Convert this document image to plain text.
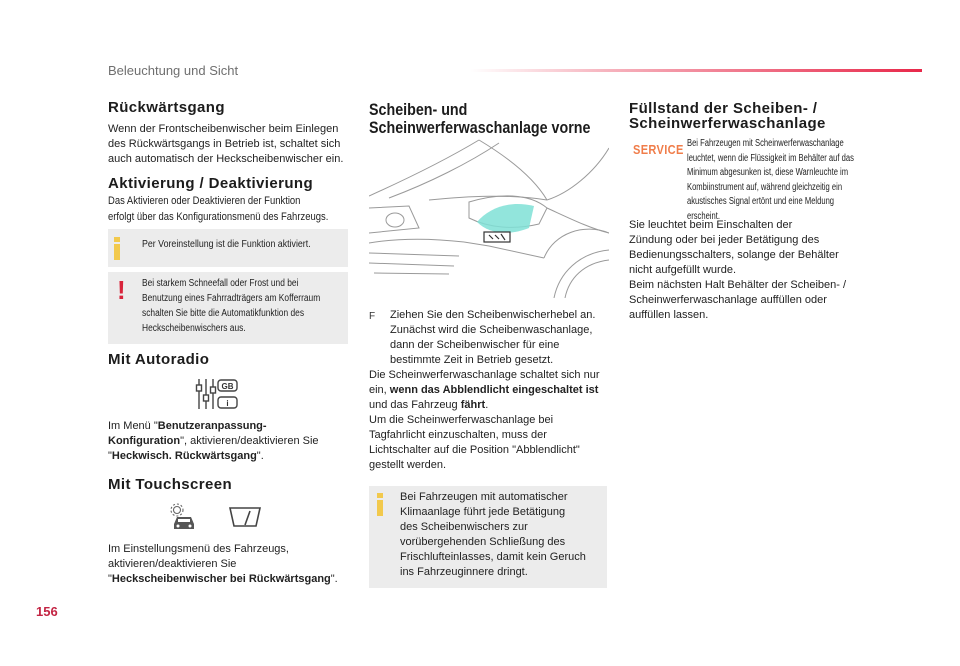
Beleuchtung und Sicht
Rückwärtsgang
Wenn der Frontscheibenwischer beim Einlegen
des Rückwärtsgangs in Betrieb ist, schaltet sich
auch automatisch der Heckscheibenwischer ein.
Aktivierung / Deaktivierung
Das Aktivieren oder Deaktivieren der Funktion
erfolgt über das Konfigurationsmenü des Fahrzeugs.
Per Voreinstellung ist die Funktion aktiviert.
! Bei starkem Schneefall oder Frost und bei
Benutzung eines Fahrradträgers am Kofferraum
schalten Sie bitte die Automatikfunktion des
Heckscheibenwischers aus.
Mit Autoradio
GB
i
Im Menü "Benutzeranpassung-
Konfiguration", aktivieren/deaktivieren Sie
"Heckwisch. Rückwärtsgang".
Mit Touchscreen
Im Einstellungsmenü des Fahrzeugs,
aktivieren/deaktivieren Sie
"Heckscheibenwischer bei Rückwärtsgang".
Scheiben- und
Scheinwerferwaschanlage vorne
F Ziehen Sie den Scheibenwischerhebel an.
Zunächst wird die Scheibenwaschanlage,
dann der Scheibenwischer für eine
bestimmte Zeit in Betrieb gesetzt.
Die Scheinwerferwaschanlage schaltet sich nur
ein, wenn das Abblendlicht eingeschaltet ist
und das Fahrzeug fährt.
Um die Scheinwerferwaschanlage bei
Tagfahrlicht einzuschalten, muss der
Lichtschalter auf die Position "Abblendlicht"
gestellt werden.
Bei Fahrzeugen mit automatischer
Klimaanlage führt jede Betätigung
des Scheibenwischers zur
vorübergehenden Schließung des
Frischlufteinlasses, damit kein Geruch
ins Fahrzeuginnere dringt.
Füllstand der Scheiben- /
Scheinwerferwaschanlage
SERVICE Bei Fahrzeugen mit Scheinwerferwaschanlage
leuchtet, wenn die Flüssigkeit im Behälter auf das
Minimum abgesunken ist, diese Warnleuchte im
Kombiinstrument auf, während gleichzeitig ein
akustisches Signal ertönt und eine Meldung erscheint.
Sie leuchtet beim Einschalten der
Zündung oder bei jeder Betätigung des
Bedienungsschalters, solange der Behälter
nicht aufgefüllt wurde.
Beim nächsten Halt Behälter der Scheiben- /
Scheinwerferwaschanlage auffüllen oder
auffüllen lassen.
156
